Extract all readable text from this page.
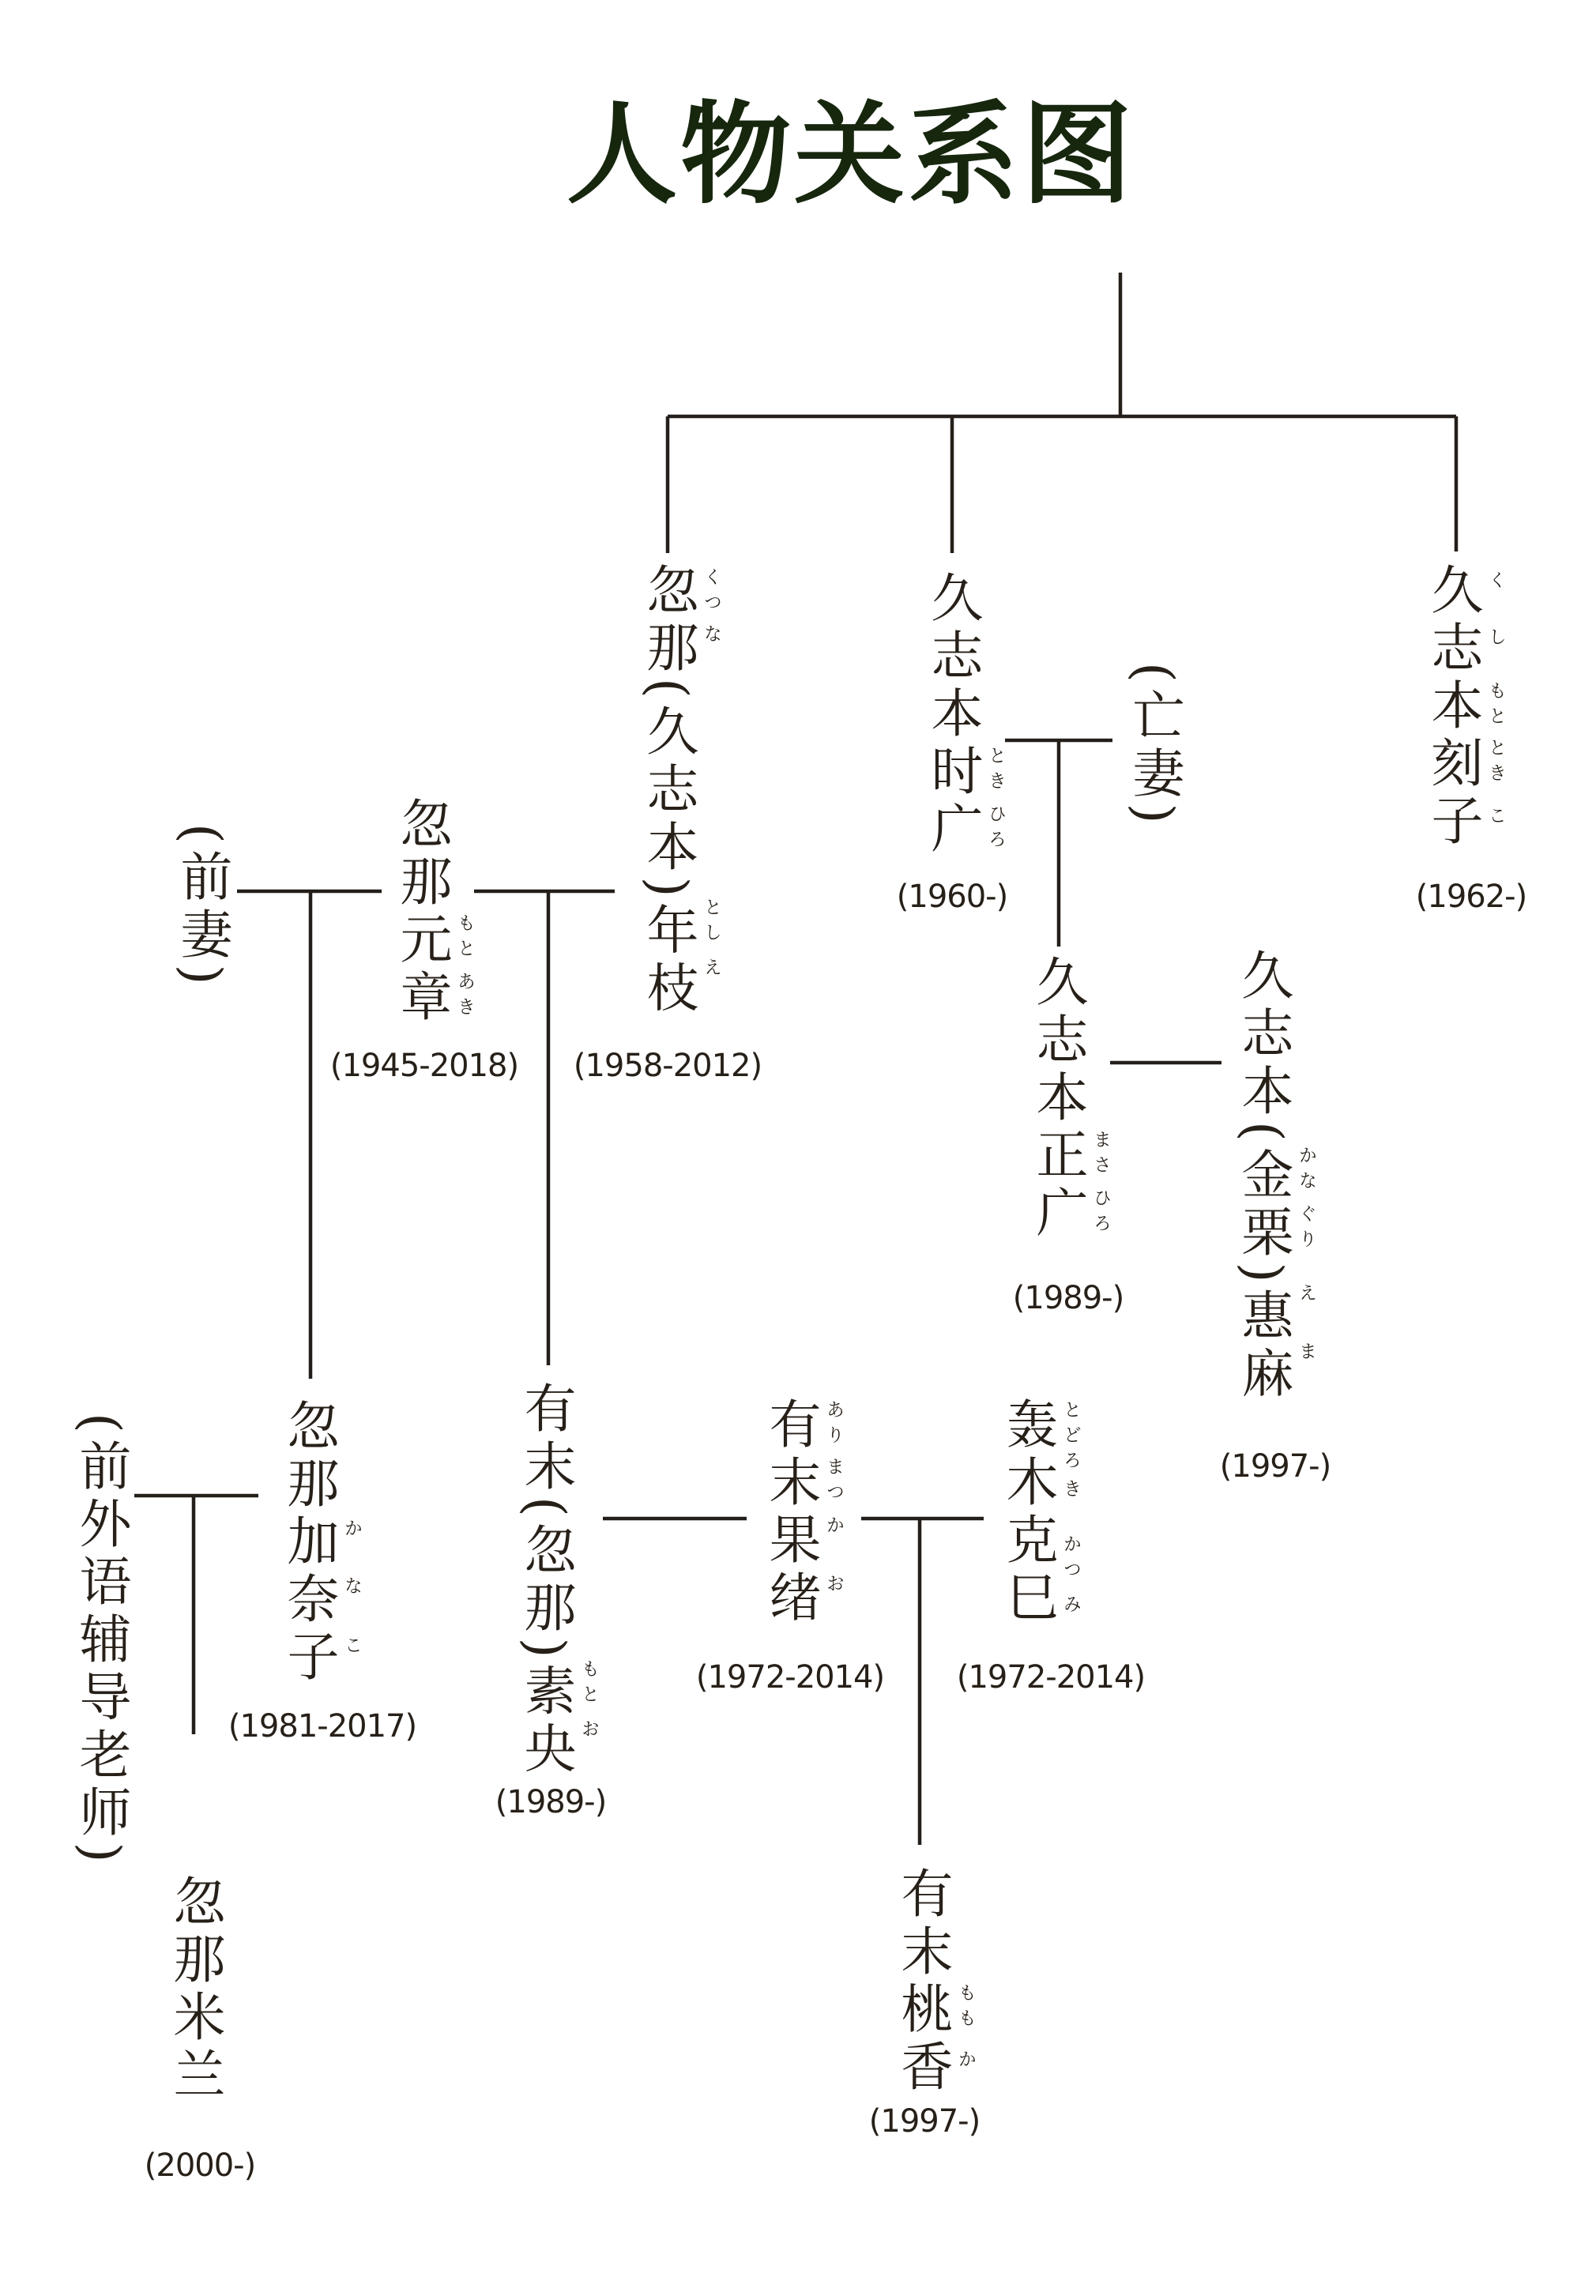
人物关系图
忽那(久志本)年枝 くつ
な
とし
え
(1958-2012)
久志本时广 とき
ひろ
(1960-)
久志本刻子 く
し
もと
とき
こ
(1962-)
(亡妻)
忽那元章 もと
あき
(1945-2018)
(前妻)
久志本正广 まさ
ひろ
(1989-) 久志本(金栗)惠麻 かな
ぐり
え
ま
(1997-)
忽那加奈子 か
な
こ
(1981-2017)
(前外语辅导老师)	有末(忽那)素央 もと
お
(1989-)
有末果绪 あり
まつ
か
お
(1972-2014)
轰木克巳 とどろ
き
かつ
み
(1972-2014)
有末桃香 もも
か
(1997-)
忽那米兰
(2000-)
